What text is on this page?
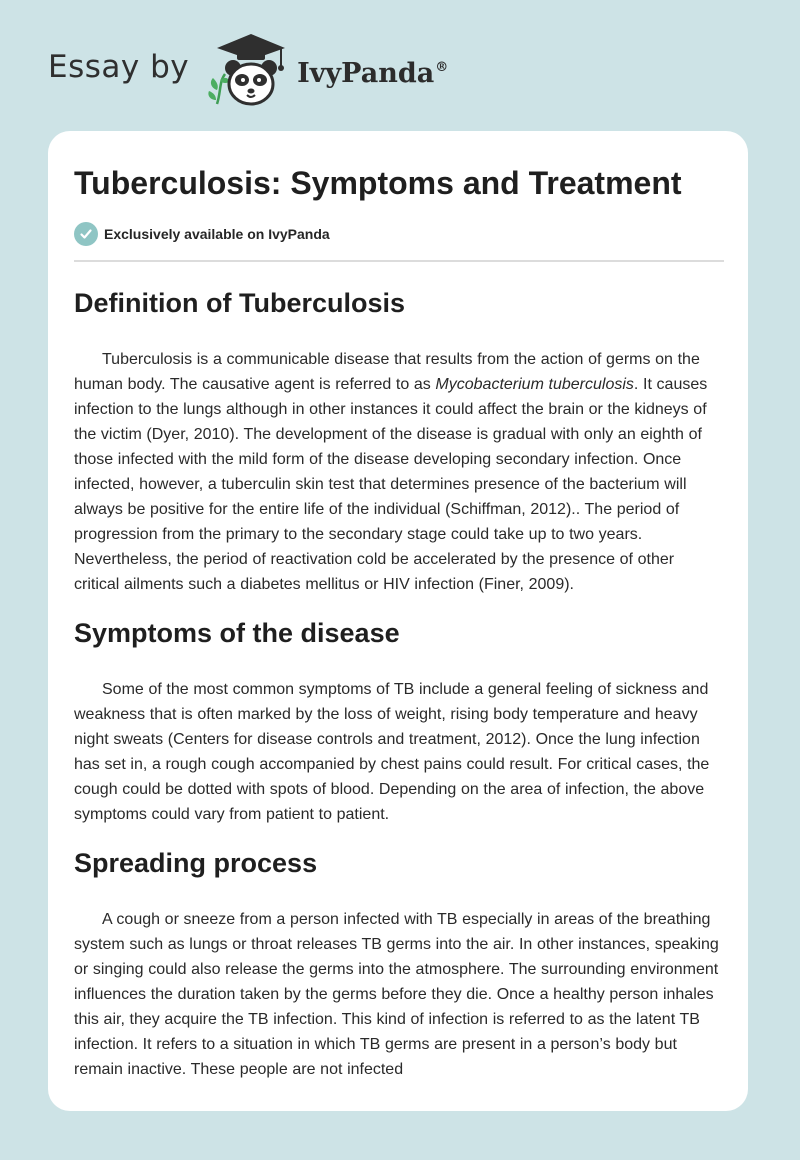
Essay by	IvyPanda®
Tuberculosis: Symptoms and Treatment
Exclusively available on IvyPanda
Definition of Tuberculosis

Tuberculosis is a communicable disease that results from the action of germs on the human body. The causative agent is referred to as Mycobacterium tuberculosis. It causes infection to the lungs although in other instances it could affect the brain or the kidneys of the victim (Dyer, 2010). The development of the disease is gradual with only an eighth of those infected with the mild form of the disease developing secondary infection. Once infected, however, a tuberculin skin test that determines presence of the bacterium will always be positive for the entire life of the individual (Schiffman, 2012).. The period of progression from the primary to the secondary stage could take up to two years. Nevertheless, the period of reactivation cold be accelerated by the presence of other critical ailments such a diabetes mellitus or HIV infection (Finer, 2009).

Symptoms of the disease

Some of the most common symptoms of TB include a general feeling of sickness and weakness that is often marked by the loss of weight, rising body temperature and heavy night sweats (Centers for disease controls and treatment, 2012). Once the lung infection has set in, a rough cough accompanied by chest pains could result. For critical cases, the cough could be dotted with spots of blood. Depending on the area of infection, the above symptoms could vary from patient to patient.

Spreading process

A cough or sneeze from a person infected with TB especially in areas of the breathing system such as lungs or throat releases TB germs into the air. In other instances, speaking or singing could also release the germs into the atmosphere. The surrounding environment influences the duration taken by the germs before they die. Once a healthy person inhales this air, they acquire the TB infection. This kind of infection is referred to as the latent TB infection. It refers to a situation in which TB germs are present in a person’s body but remain inactive. These people are not infected
